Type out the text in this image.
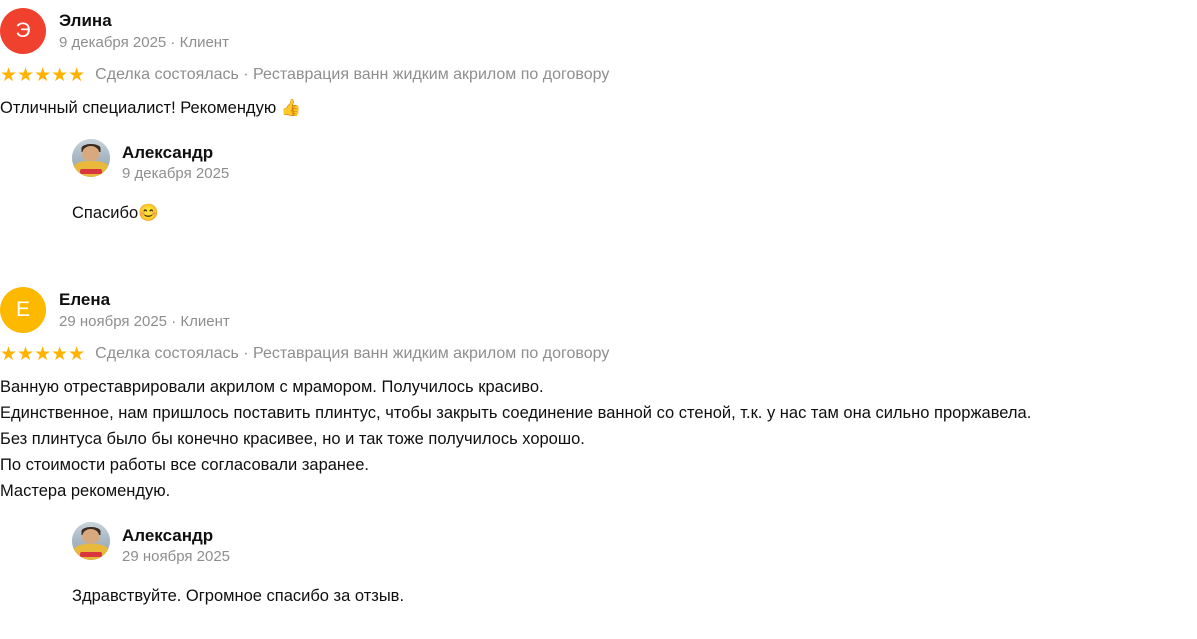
Э Элина
9 декабря 2025 · Клиент
★★★★★ Сделка состоялась · Реставрация ванн жидким акрилом по договору

Отличный специалист! Рекомендую 👍

Александр
9 декабря 2025

Спасибо😊

Е Елена
29 ноября 2025 · Клиент
★★★★★ Сделка состоялась · Реставрация ванн жидким акрилом по договору

Ванную отреставрировали акрилом с мрамором. Получилось красиво.

Единственное, нам пришлось поставить плинтус, чтобы закрыть соединение ванной со стеной, т.к. у нас там она сильно проржавела.

Без плинтуса было бы конечно красивее, но и так тоже получилось хорошо.

По стоимости работы все согласовали заранее.

Мастера рекомендую.

Александр
29 ноября 2025

Здравствуйте. Огромное спасибо за отзыв.
